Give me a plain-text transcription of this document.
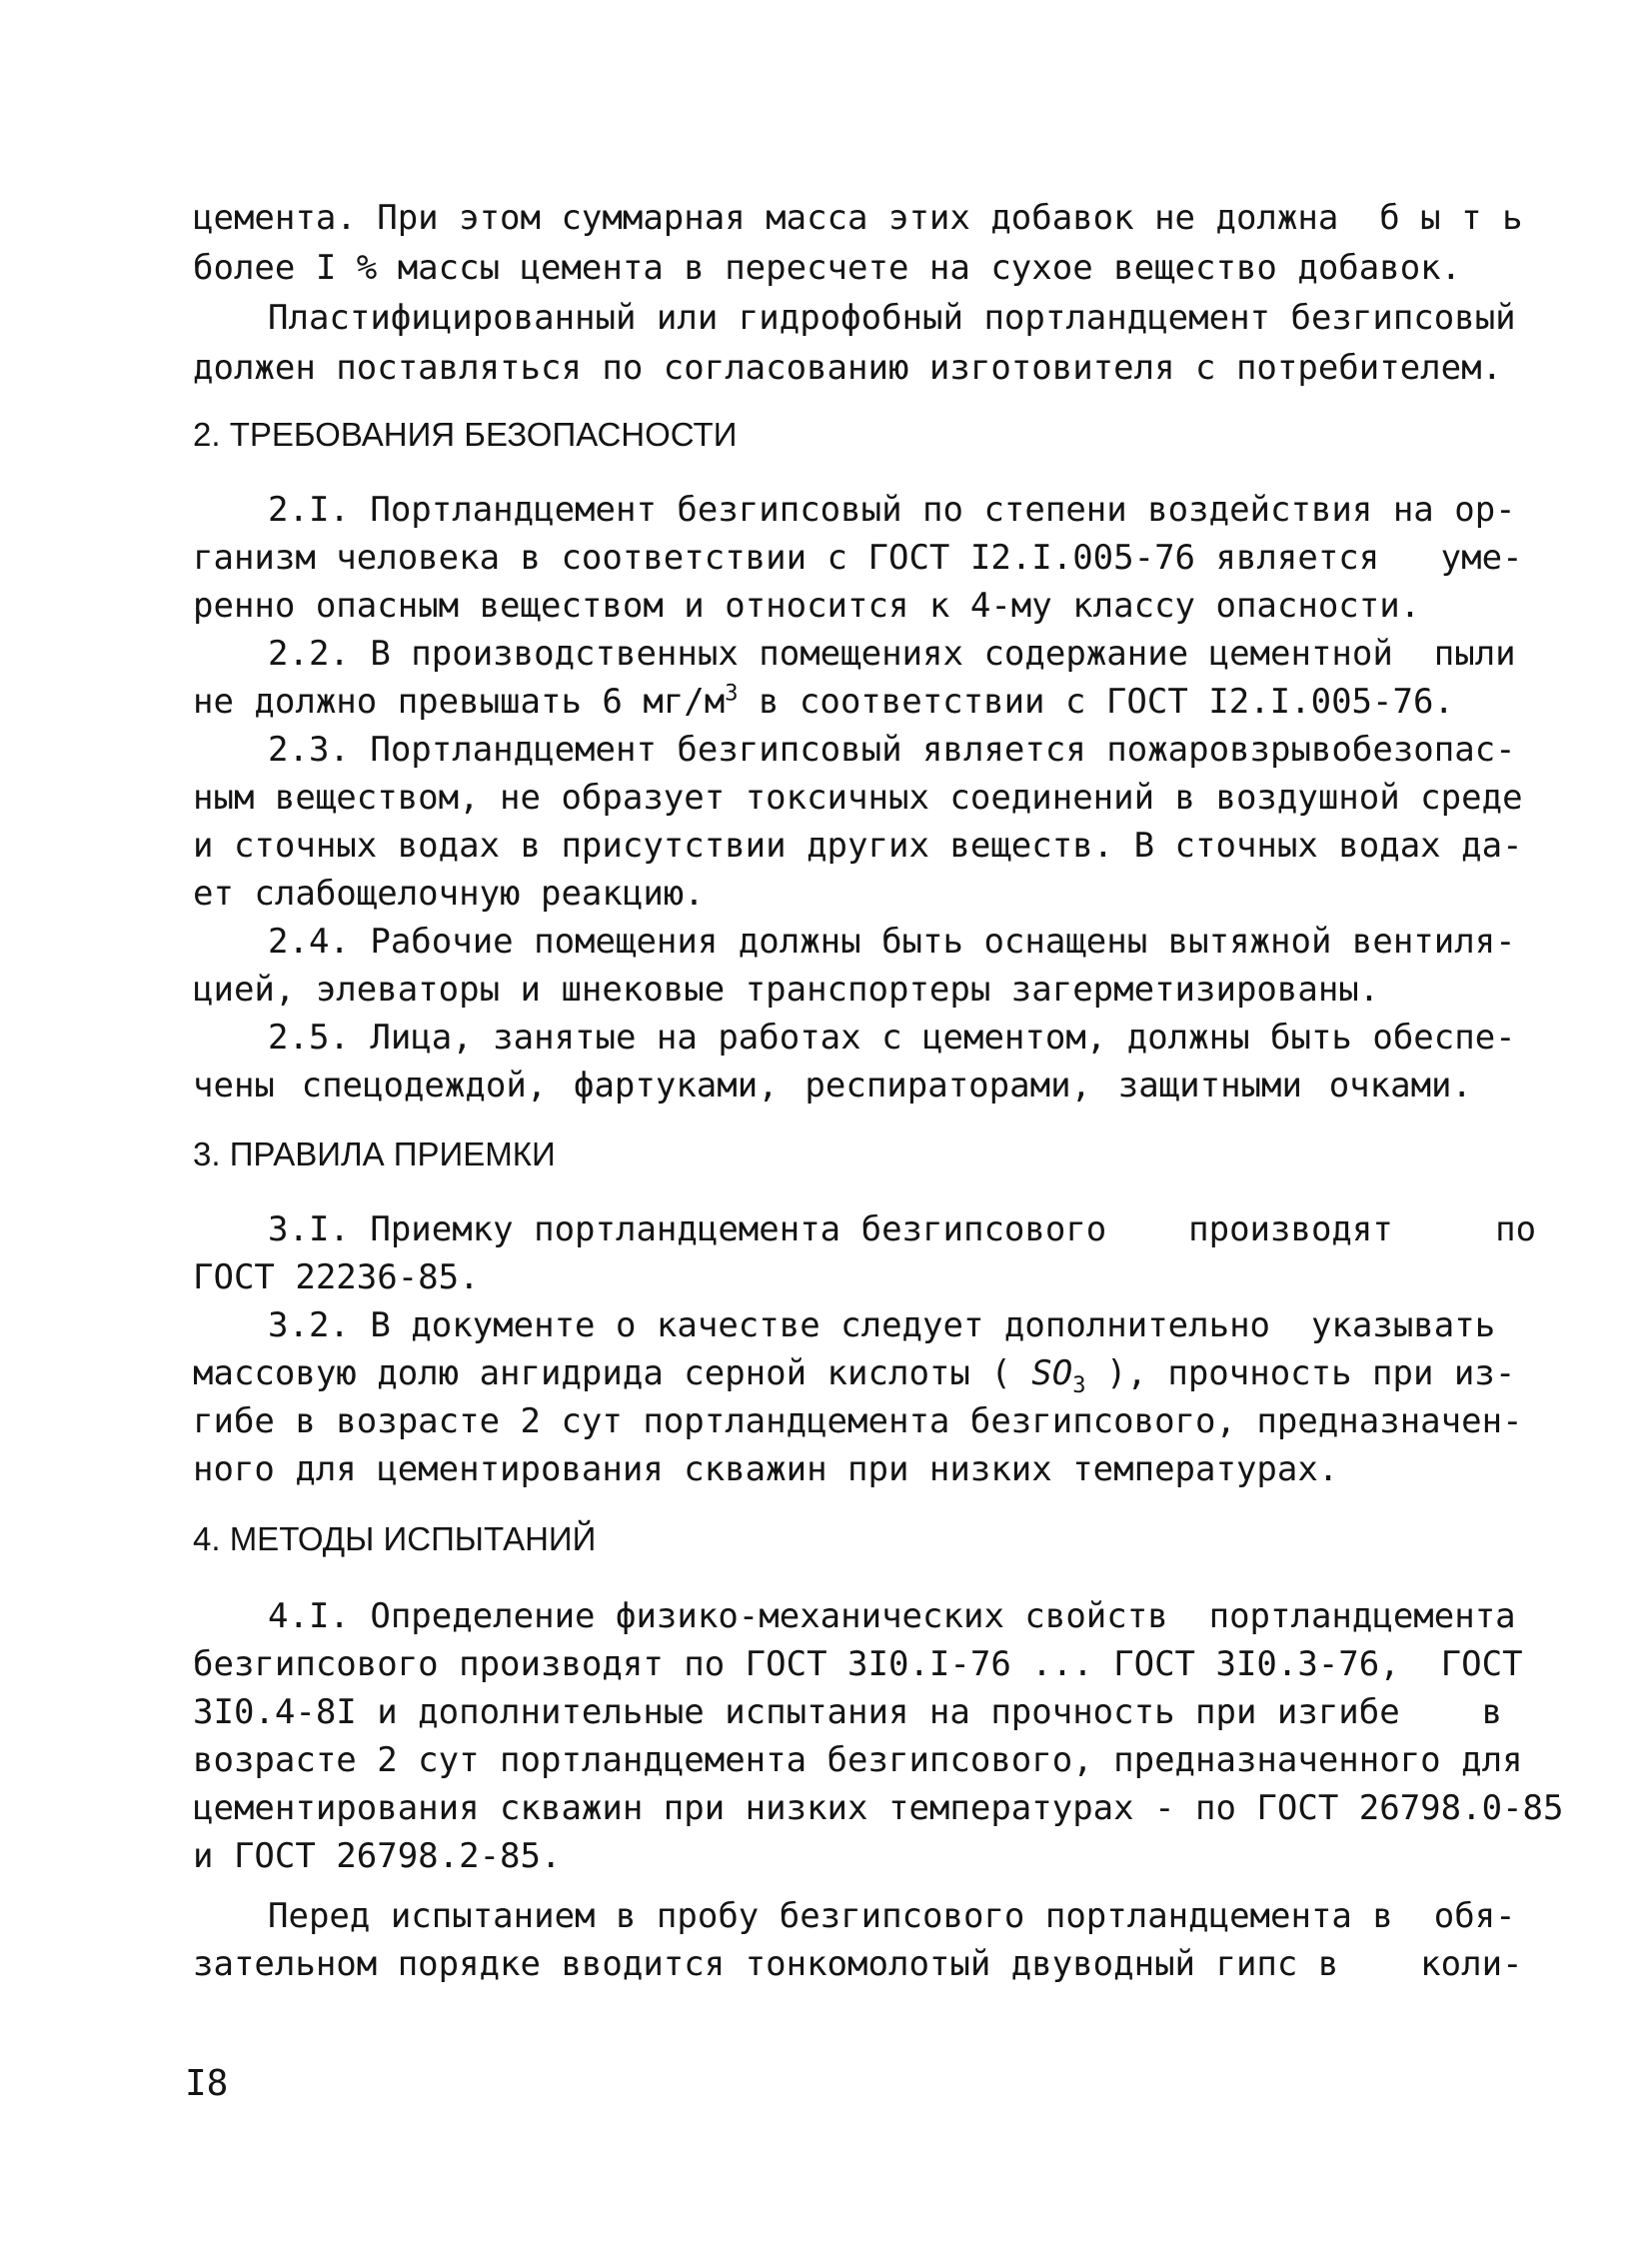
цемента. При этом суммарная масса этих добавок не должна  б ы т ь
более I % массы цемента в пересчете на сухое вещество добавок.
Пластифицированный или гидрофобный портландцемент безгипсовый
должен поставляться по согласованию изготовителя с потребителем.
2. ТРЕБОВАНИЯ БЕЗОПАСНОСТИ
2.I. Портландцемент безгипсовый по степени воздействия на ор-
ганизм человека в соответствии с ГОСТ I2.I.005-76 является   уме-
ренно опасным веществом и относится к 4-му классу опасности.
2.2. В производственных помещениях содержание цементной  пыли
не должно превышать 6 $мг/м^3$ в соответствии с ГОСТ I2.I.005-76.
2.3. Портландцемент безгипсовый является пожаровзрывобезопас-
ным веществом, не образует токсичных соединений в воздушной среде
и сточных водах в присутствии других веществ. В сточных водах да-
ет слабощелочную реакцию.
2.4. Рабочие помещения должны быть оснащены вытяжной вентиля-
цией, элеваторы и шнековые транспортеры загерметизированы.
2.5. Лица, занятые на работах с цементом, должны быть обеспе-
чены спецодеждой, фартуками, респираторами, защитными очками.
3. ПРАВИЛА ПРИЕМКИ
3.I. Приемку портландцемента безгипсового    производят     по
ГОСТ 22236-85.
3.2. В документе о качестве следует дополнительно  указывать
массовую долю ангидрида серной кислоты ( $SO_3$ ), прочность при из-
гибе в возрасте 2 сут портландцемента безгипсового, предназначен-
ного для цементирования скважин при низких температурах.
4. МЕТОДЫ ИСПЫТАНИЙ
4.I. Определение физико-механических свойств  портландцемента
безгипсового производят по ГОСТ 3I0.I-76 ... ГОСТ 3I0.3-76,  ГОСТ
3I0.4-8I и дополнительные испытания на прочность при изгибе    в
возрасте 2 сут портландцемента безгипсового, предназначенного для
цементирования скважин при низких температурах - по ГОСТ 26798.0-85
и ГОСТ 26798.2-85.
Перед испытанием в пробу безгипсового портландцемента в  обя-
зательном порядке вводится тонкомолотый двуводный гипс в    коли-
I8
